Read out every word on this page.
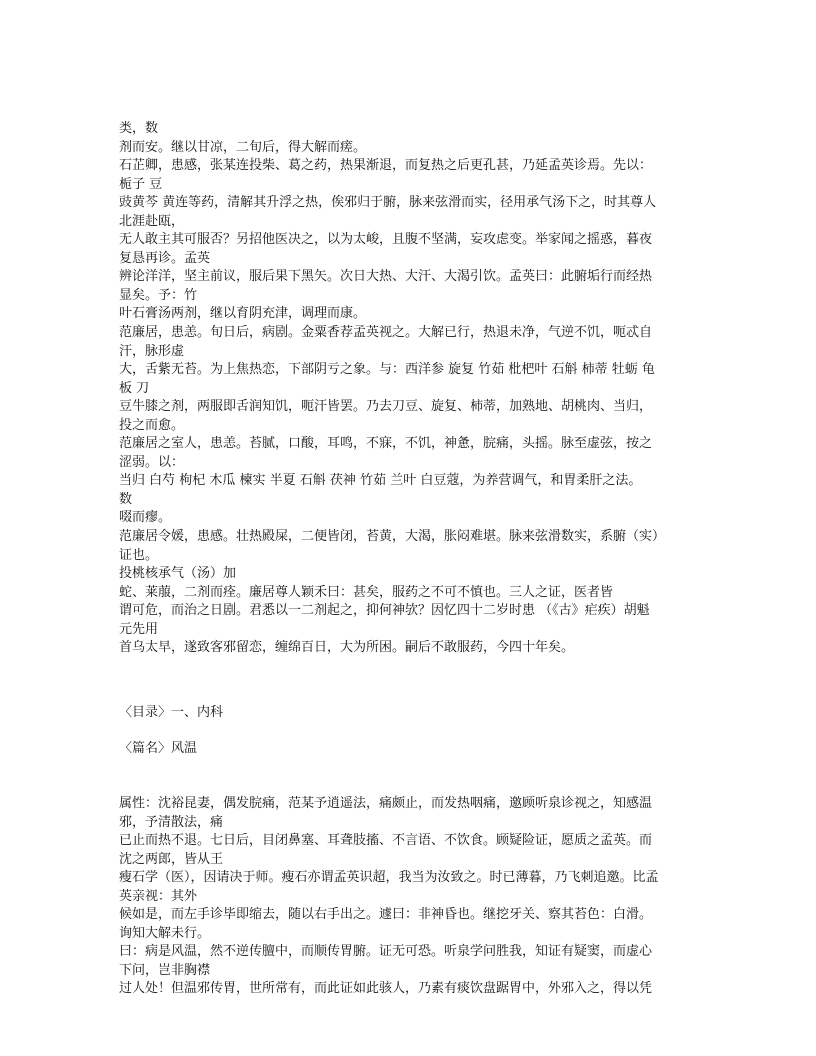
类，数
剂而安。继以甘凉，二旬后，得大解而瘥。
石芷卿，患感，张某连投柴、葛之药，热果渐退，而复热之后更孔甚，乃延孟英诊焉。先以：
栀子 豆
豉黄芩 黄连等药，清解其升浮之热，俟邪归于腑，脉来弦滑而实，径用承气汤下之，时其尊人
北涯赴瓯，
无人敢主其可服否？另招他医决之，以为太峻，且腹不坚满，妄攻虑变。举家闻之摇惑，暮夜
复恳再诊。孟英
辨论洋洋，坚主前议，服后果下黑矢。次日大热、大汗、大渴引饮。孟英曰：此腑垢行而经热
显矣。予：竹
叶石膏汤两剂，继以育阴充津，调理而康。
范廉居，患恙。旬日后，病剧。金粟香荐孟英视之。大解已行，热退未净，气逆不饥，呃忒自
汗，脉形虚
大，舌紫无苔。为上焦热恋，下部阴亏之象。与：西洋参 旋复 竹茹 枇杷叶 石斛 柿蒂 牡蛎 龟
板 刀
豆牛膝之剂，两服即舌润知饥，呃汗皆罢。乃去刀豆、旋复、柿蒂，加熟地、胡桃肉、当归，
投之而愈。
范廉居之室人，患恙。苔腻，口酸，耳鸣，不寐，不饥，神惫，脘痛，头摇。脉至虚弦，按之
涩弱。以：
当归 白芍 枸杞 木瓜 楝实 半夏 石斛 茯神 竹茹 兰叶 白豆蔻，为养营调气，和胃柔肝之法。
数
啜而瘳。
范廉居令媛，患感。壮热殿屎，二便皆闭，苔黄，大渴，胀闷难堪。脉来弦滑数实，系腑（实）
证也。
投桃核承气（汤）加
蛇、莱菔，二剂而痊。廉居尊人颖禾曰：甚矣，服药之不可不慎也。三人之证，医者皆
谓可危，而治之日剧。君悉以一二剂起之，抑何神欤？因忆四十二岁时患 （《古》疟疾）胡魁
元先用
首乌太早，遂致客邪留恋，缠绵百日，大为所困。嗣后不敢服药，今四十年矣。
〈目录〉一、内科
〈篇名〉风温
属性：沈裕昆妻，偶发脘痛，范某予逍遥法，痛颇止，而发热咽痛，邀顾听泉诊视之，知感温
邪，予清散法，痛
已止而热不退。七日后，目闭鼻塞、耳聋肢搐、不言语、不饮食。顾疑险证，愿质之孟英。而
沈之两郎，皆从王
瘦石学（医），因请决于师。瘦石亦谓孟英识超，我当为汝致之。时已薄暮，乃飞刺追邀。比孟
英亲视：其外
候如是，而左手诊毕即缩去，随以右手出之。遽曰：非神昏也。继挖牙关、察其苔色：白滑。
询知大解未行。
曰：病是风温，然不逆传膻中，而顺传胃腑。证无可恐。听泉学问胜我，知证有疑窦，而虚心
下问，岂非胸襟
过人处！但温邪传胃，世所常有，而此证如此骇人，乃素有痰饮盘踞胃中，外邪入之，得以凭
